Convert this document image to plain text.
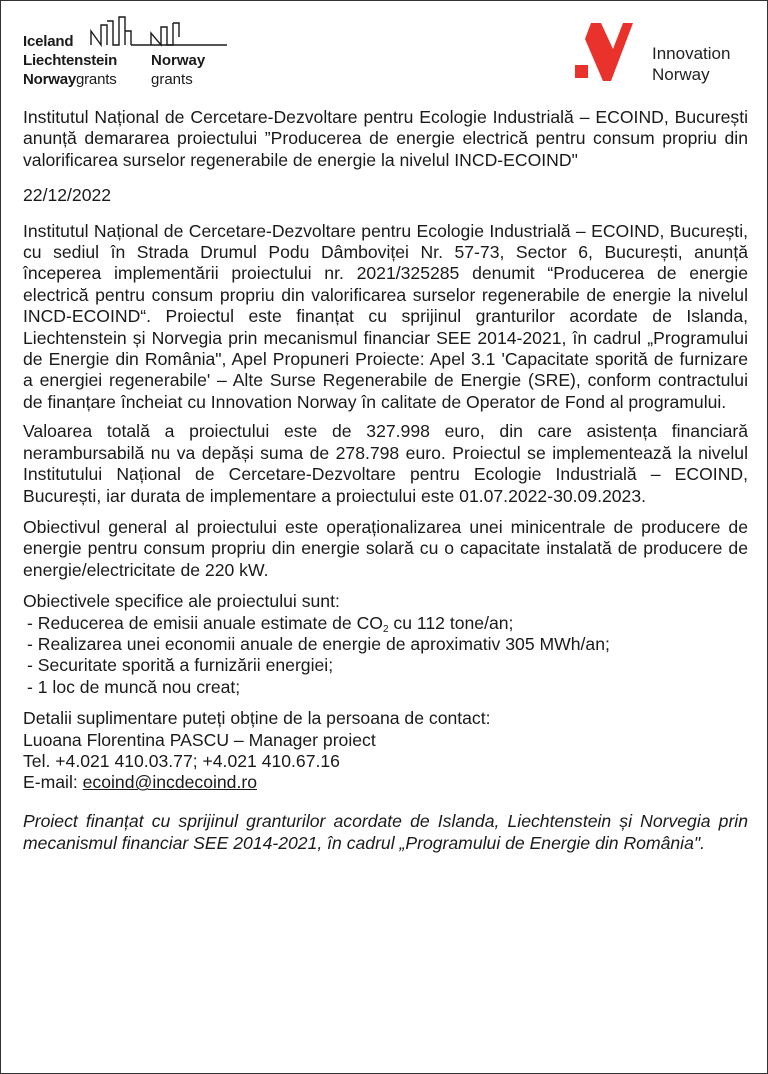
Iceland
Liechtenstein
Norwaygrants
Norway
grants
Innovation
Norway

Institutul Național de Cercetare-Dezvoltare pentru Ecologie Industrială – ECOIND, București anunță demararea proiectului ”Producerea de energie electrică pentru consum propriu din valorificarea surselor regenerabile de energie la nivelul INCD-ECOIND"

22/12/2022

Institutul Național de Cercetare-Dezvoltare pentru Ecologie Industrială – ECOIND, București, cu sediul în Strada Drumul Podu Dâmboviței Nr. 57-73, Sector 6, București, anunță începerea implementării proiectului nr. 2021/325285 denumit “Producerea de energie electrică pentru consum propriu din valorificarea surselor regenerabile de energie la nivelul INCD-ECOIND“. Proiectul este finanțat cu sprijinul granturilor acordate de Islanda, Liechtenstein și Norvegia prin mecanismul financiar SEE 2014-2021, în cadrul „Programului de Energie din România", Apel Propuneri Proiecte: Apel 3.1 'Capacitate sporită de furnizare a energiei regenerabile' – Alte Surse Regenerabile de Energie (SRE), conform contractului de finanțare încheiat cu Innovation Norway în calitate de Operator de Fond al programului.

Valoarea totală a proiectului este de 327.998 euro, din care asistența financiară nerambursabilă nu va depăși suma de 278.798 euro. Proiectul se implementează la nivelul Institutului Național de Cercetare-Dezvoltare pentru Ecologie Industrială – ECOIND, București, iar durata de implementare a proiectului este 01.07.2022-30.09.2023.

Obiectivul general al proiectului este operaționalizarea unei minicentrale de producere de energie pentru consum propriu din energie solară cu o capacitate instalată de producere de energie/electricitate de 220 kW.

Obiectivele specifice ale proiectului sunt:

- Reducerea de emisii anuale estimate de $CO_2$ cu 112 tone/an;

- Realizarea unei economii anuale de energie de aproximativ 305 MWh/an;

- Securitate sporită a furnizării energiei;

- 1 loc de muncă nou creat;

Detalii suplimentare puteți obține de la persoana de contact:
Luoana Florentina PASCU – Manager proiect
Tel. +4.021 410.03.77; +4.021 410.67.16
E-mail: ecoind@incdecoind.ro

Proiect finanțat cu sprijinul granturilor acordate de Islanda, Liechtenstein și Norvegia prin mecanismul financiar SEE 2014-2021, în cadrul „Programului de Energie din România".
